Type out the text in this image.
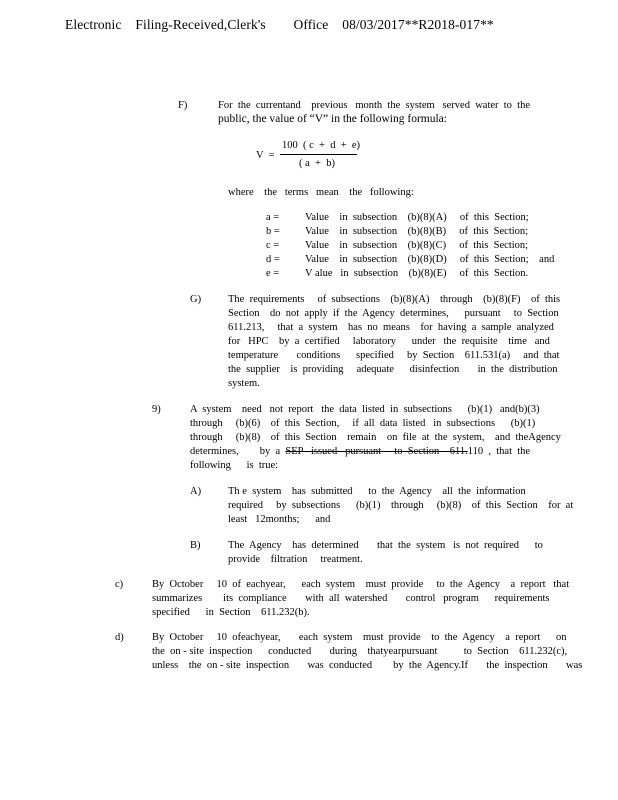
Electronic    Filing-Received,Clerk's        Office    08/03/2017**R2018-017**
F)	For  the  currentand    previous   month  the  system   served  water  to  the
public, the value of “V” in the following formula:
V  =
100  ( c  +  d  +  e)
( a  +  b)
where    the   terms   mean    the   following:
a = Value    in  subsection    (b)(8)(A)     of  this  Section;
b = Value    in  subsection    (b)(8)(B)     of  this  Section;
c = Value    in  subsection    (b)(8)(C)     of  this  Section;
d = Value    in  subsection    (b)(8)(D)     of  this  Section;    and
e = V alue   in  subsection    (b)(8)(E)     of  this  Section.
G)	The  requirements     of  subsections    (b)(8)(A)    through    (b)(8)(F)    of  this
Section    do  not  apply  if  the  Agency  determines,      pursuant     to  Section
611.213,     that  a  system    has  no  means    for  having  a  sample  analyzed
for   HPC    by  a  certified     laboratory      under   the  requisite    time   and
temperature       conditions      specified     by  Section    611.531(a)     and  that
the  supplier    is  providing     adequate      disinfection       in  the  distribution
system.
9)	A  system    need   not  report   the  data  listed  in  subsections      (b)(1)   and(b)(3)
through     (b)(6)    of  this  Section,     if  all  data  listed   in  subsections      (b)(1)
through     (b)(8)    of  this  Section    remain    on  file  at  the  system,    and  theAgency
determines,        by  a  SEP   issued   pursuant     to  Section    611.110  ,  that  the
following      is  true:
A)	Th e  system    has  submitted      to  the  Agency    all  the  information
required     by  subsections      (b)(1)    through     (b)(8)    of  this  Section    for  at
least   12months;      and
B)	The  Agency    has  determined       that  the  system   is  not  required      to
provide    filtration     treatment.
c)	By  October     10  of  eachyear,      each  system    must  provide     to  the  Agency    a  report   that
summarizes        its  compliance       with  all  watershed       control   program      requirements
specified      in  Section    611.232(b).
d)	By  October     10  ofeachyear,       each  system    must  provide    to  the  Agency    a  report      on
the  on - site  inspection      conducted       during    thatyearpursuant          to  Section    611.232(c),
unless    the  on - site  inspection       was  conducted        by  the  Agency.If       the  inspection       was
